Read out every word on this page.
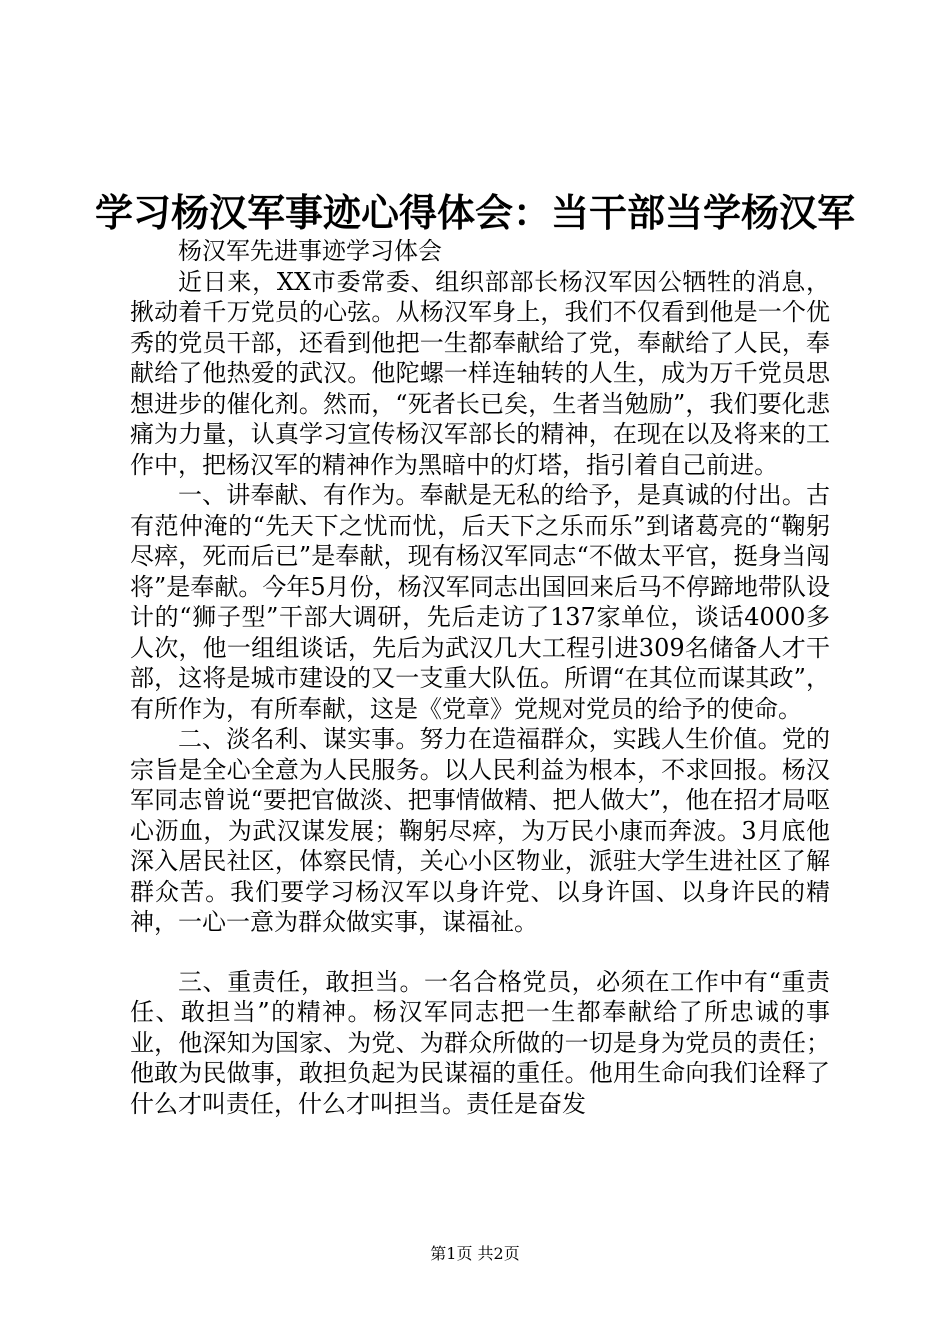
学习杨汉军事迹心得体会：当干部当学杨汉军

杨汉军先进事迹学习体会

近日来，XX市委常委、组织部部长杨汉军因公牺牲的消息，揪动着千万党员的心弦。从杨汉军身上，我们不仅看到他是一个优秀的党员干部，还看到他把一生都奉献给了党，奉献给了人民，奉献给了他热爱的武汉。他陀螺一样连轴转的人生，成为万千党员思想进步的催化剂。然而，“死者长已矣，生者当勉励”，我们要化悲痛为力量，认真学习宣传杨汉军部长的精神，在现在以及将来的工作中，把杨汉军的精神作为黑暗中的灯塔，指引着自己前进。

一、讲奉献、有作为。奉献是无私的给予，是真诚的付出。古有范仲淹的“先天下之忧而忧，后天下之乐而乐”到诸葛亮的“鞠躬尽瘁，死而后已”是奉献，现有杨汉军同志“不做太平官，挺身当闯将”是奉献。今年5月份，杨汉军同志出国回来后马不停蹄地带队设计的“狮子型”干部大调研，先后走访了137家单位，谈话4000多人次，他一组组谈话，先后为武汉几大工程引进309名储备人才干部，这将是城市建设的又一支重大队伍。所谓“在其位而谋其政”，有所作为，有所奉献，这是《党章》党规对党员的给予的使命。

二、淡名利、谋实事。努力在造福群众，实践人生价值。党的宗旨是全心全意为人民服务。以人民利益为根本，不求回报。杨汉军同志曾说“要把官做淡、把事情做精、把人做大”，他在招才局呕心沥血，为武汉谋发展；鞠躬尽瘁，为万民小康而奔波。3月底他深入居民社区，体察民情，关心小区物业，派驻大学生进社区了解群众苦。我们要学习杨汉军以身许党、以身许国、以身许民的精神，一心一意为群众做实事，谋福祉。

三、重责任，敢担当。一名合格党员，必须在工作中有“重责任、敢担当”的精神。杨汉军同志把一生都奉献给了所忠诚的事业，他深知为国家、为党、为群众所做的一切是身为党员的责任；他敢为民做事，敢担负起为民谋福的重任。他用生命向我们诠释了什么才叫责任，什么才叫担当。责任是奋发

第1页 共2页
